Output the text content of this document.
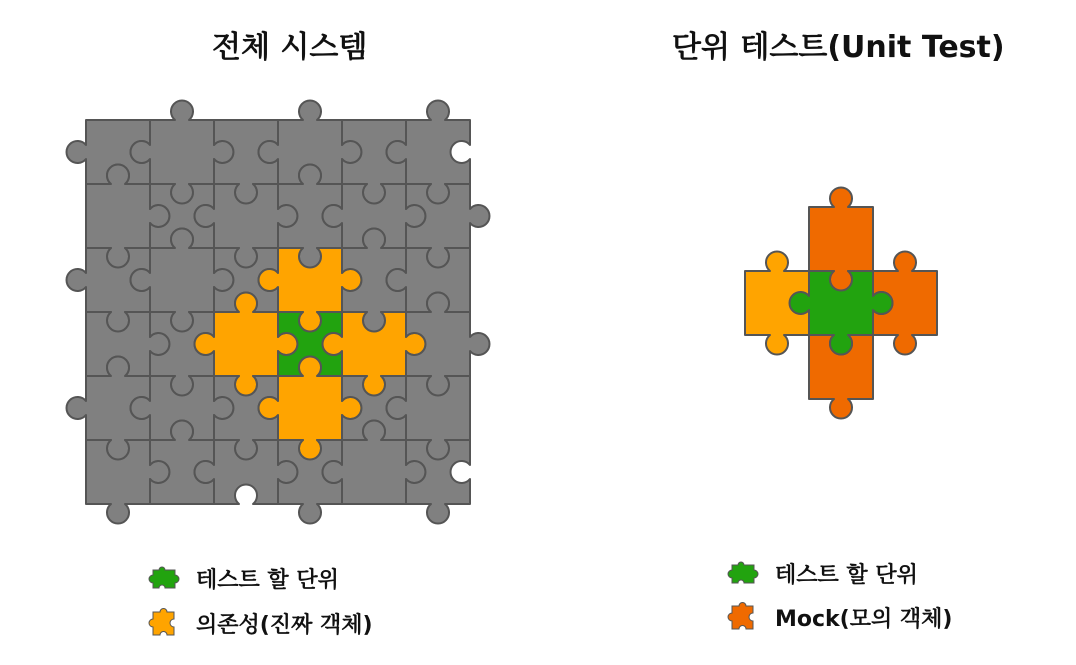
전체 시스템	단위 테스트(Unit Test)
테스트 할 단위
의존성(진짜 객체)
테스트 할 단위
Mock(모의 객체)
